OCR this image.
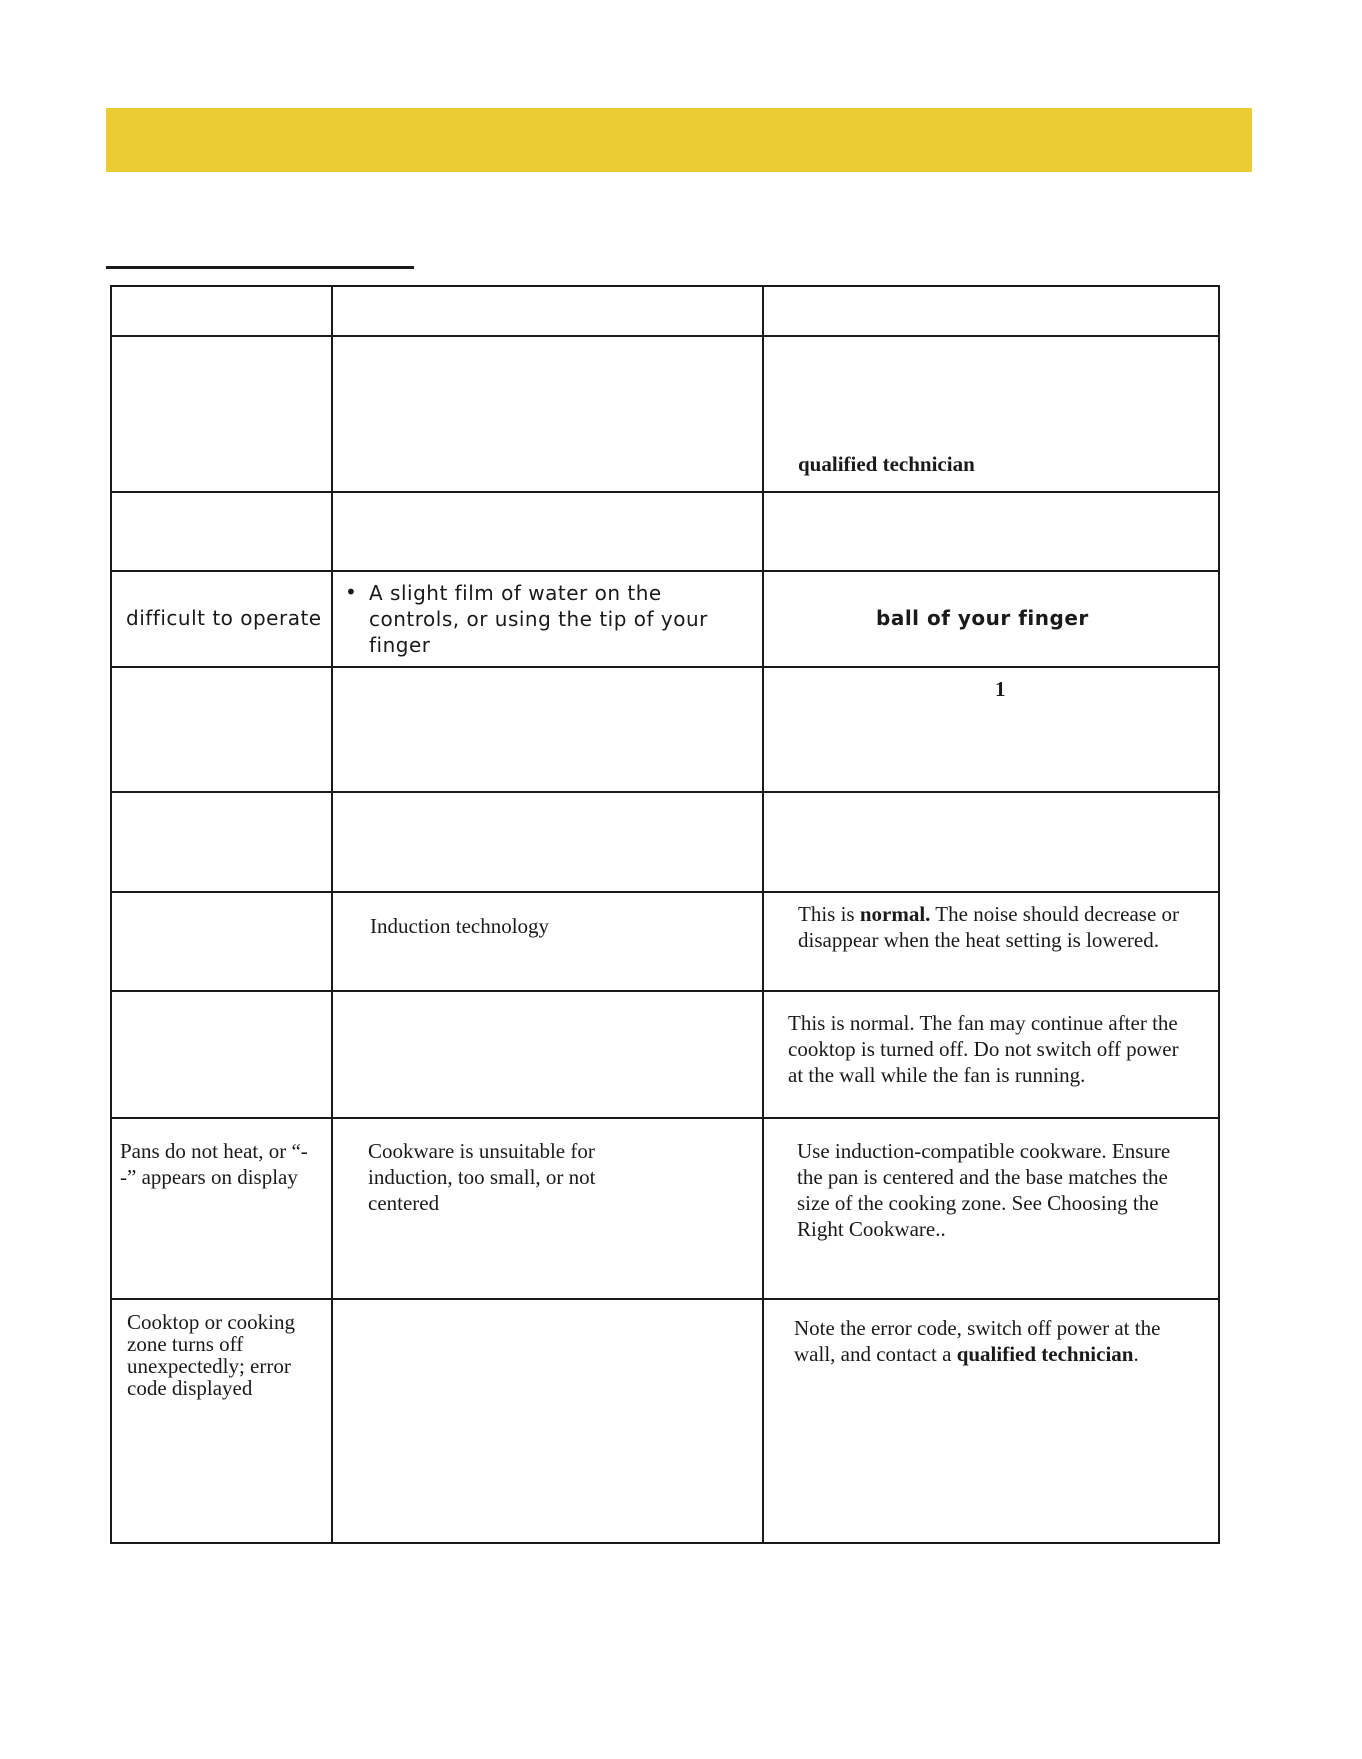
		qualified technician

difficult to operate	• A slight film of water on the controls, or using the tip of your finger	ball of your finger

		1

	Induction technology	This is normal. The noise should decrease or disappear when the heat setting is lowered.

		This is normal. The fan may continue after the cooktop is turned off. Do not switch off power at the wall while the fan is running.

Pans do not heat, or “--” appears on display	Cookware is unsuitable for induction, too small, or not centered	Use induction-compatible cookware. Ensure the pan is centered and the base matches the size of the cooking zone. See Choosing the Right Cookware..

Cooktop or cooking zone turns off unexpectedly; error code displayed		Note the error code, switch off power at the wall, and contact a qualified technician.
